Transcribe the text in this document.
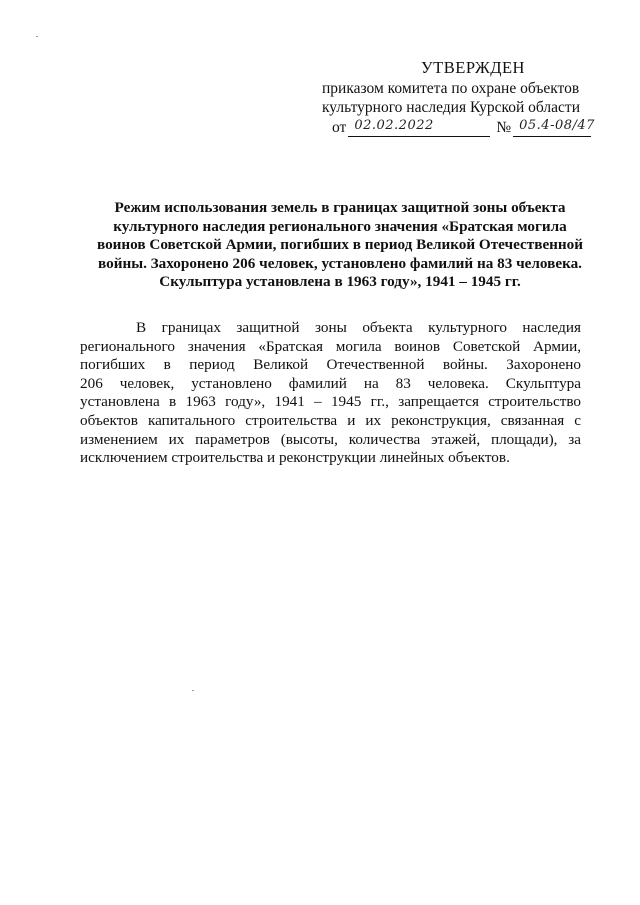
УТВЕРЖДЕН
приказом комитета по охране объектов
культурного наследия Курской области
от 02.02.2022	№ 05.4-08/47
Режим использования земель в границах защитной зоны объекта
культурного наследия регионального значения «Братская могила
воинов Советской Армии, погибших в период Великой Отечественной
войны. Захоронено 206 человек, установлено фамилий на 83 человека.
Скульптура установлена в 1963 году», 1941 – 1945 гг.
В границах защитной зоны объекта культурного наследия
регионального значения «Братская могила воинов Советской Армии,
погибших в период Великой Отечественной войны. Захоронено
206 человек, установлено фамилий на 83 человека. Скульптура
установлена в 1963 году», 1941 – 1945 гг., запрещается строительство
объектов капитального строительства и их реконструкция, связанная с
изменением их параметров (высоты, количества этажей, площади), за
исключением строительства и реконструкции линейных объектов.
